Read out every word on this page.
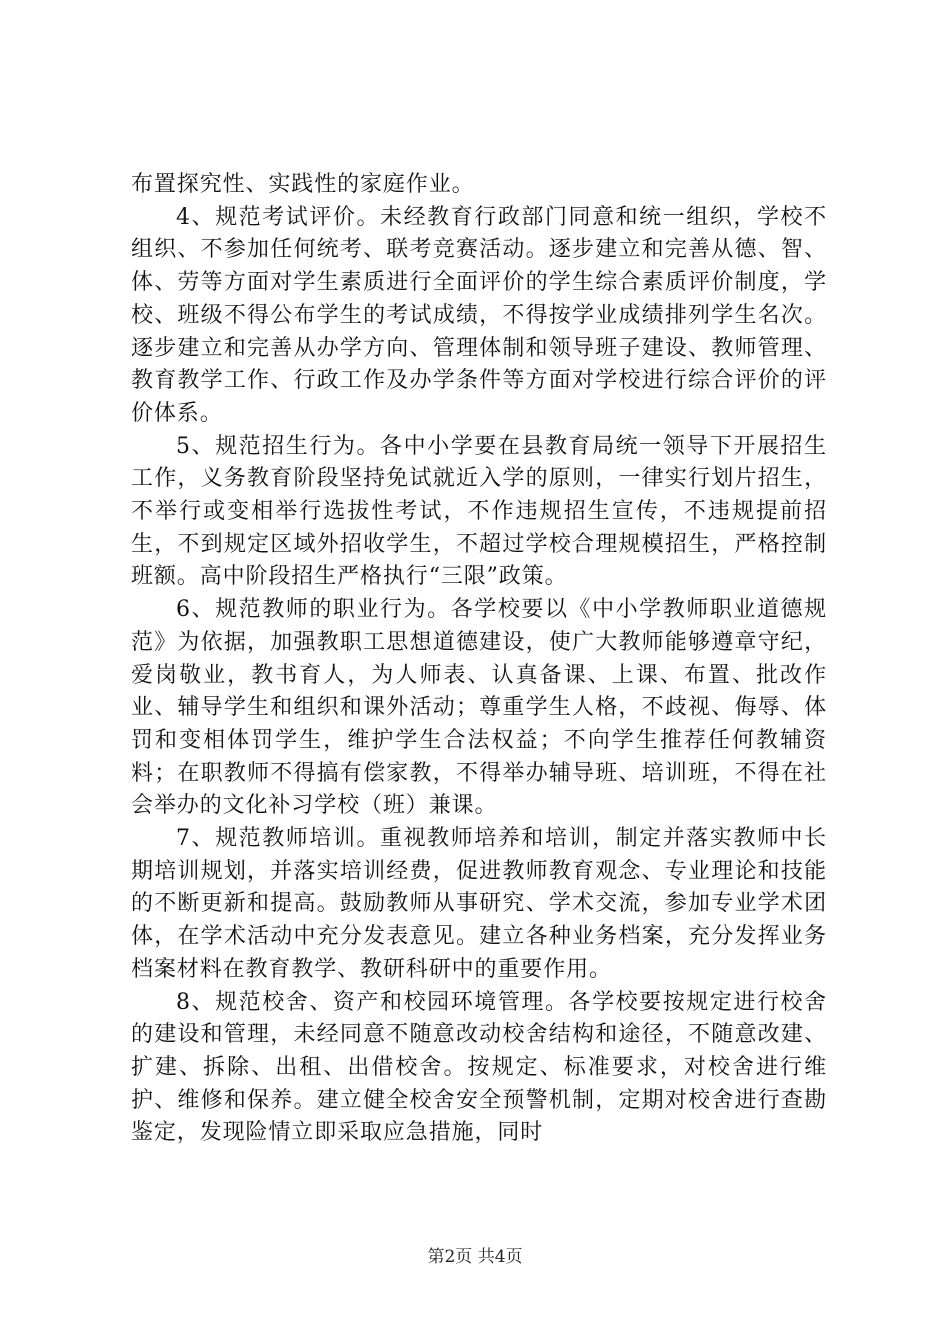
布置探究性、实践性的家庭作业。

4、规范考试评价。未经教育行政部门同意和统一组织，学校不组织、不参加任何统考、联考竞赛活动。逐步建立和完善从德、智、体、劳等方面对学生素质进行全面评价的学生综合素质评价制度，学校、班级不得公布学生的考试成绩，不得按学业成绩排列学生名次。逐步建立和完善从办学方向、管理体制和领导班子建设、教师管理、教育教学工作、行政工作及办学条件等方面对学校进行综合评价的评价体系。

5、规范招生行为。各中小学要在县教育局统一领导下开展招生工作，义务教育阶段坚持免试就近入学的原则，一律实行划片招生，不举行或变相举行选拔性考试，不作违规招生宣传，不违规提前招生，不到规定区域外招收学生，不超过学校合理规模招生，严格控制班额。高中阶段招生严格执行“三限”政策。

6、规范教师的职业行为。各学校要以《中小学教师职业道德规范》为依据，加强教职工思想道德建设，使广大教师能够遵章守纪，爱岗敬业，教书育人，为人师表、认真备课、上课、布置、批改作业、辅导学生和组织和课外活动；尊重学生人格，不歧视、侮辱、体罚和变相体罚学生，维护学生合法权益；不向学生推荐任何教辅资料；在职教师不得搞有偿家教，不得举办辅导班、培训班，不得在社会举办的文化补习学校（班）兼课。

7、规范教师培训。重视教师培养和培训，制定并落实教师中长期培训规划，并落实培训经费，促进教师教育观念、专业理论和技能的不断更新和提高。鼓励教师从事研究、学术交流，参加专业学术团体，在学术活动中充分发表意见。建立各种业务档案，充分发挥业务档案材料在教育教学、教研科研中的重要作用。

8、规范校舍、资产和校园环境管理。各学校要按规定进行校舍的建设和管理，未经同意不随意改动校舍结构和途径，不随意改建、扩建、拆除、出租、出借校舍。按规定、标准要求，对校舍进行维护、维修和保养。建立健全校舍安全预警机制，定期对校舍进行查勘鉴定，发现险情立即采取应急措施，同时

第2页 共4页
